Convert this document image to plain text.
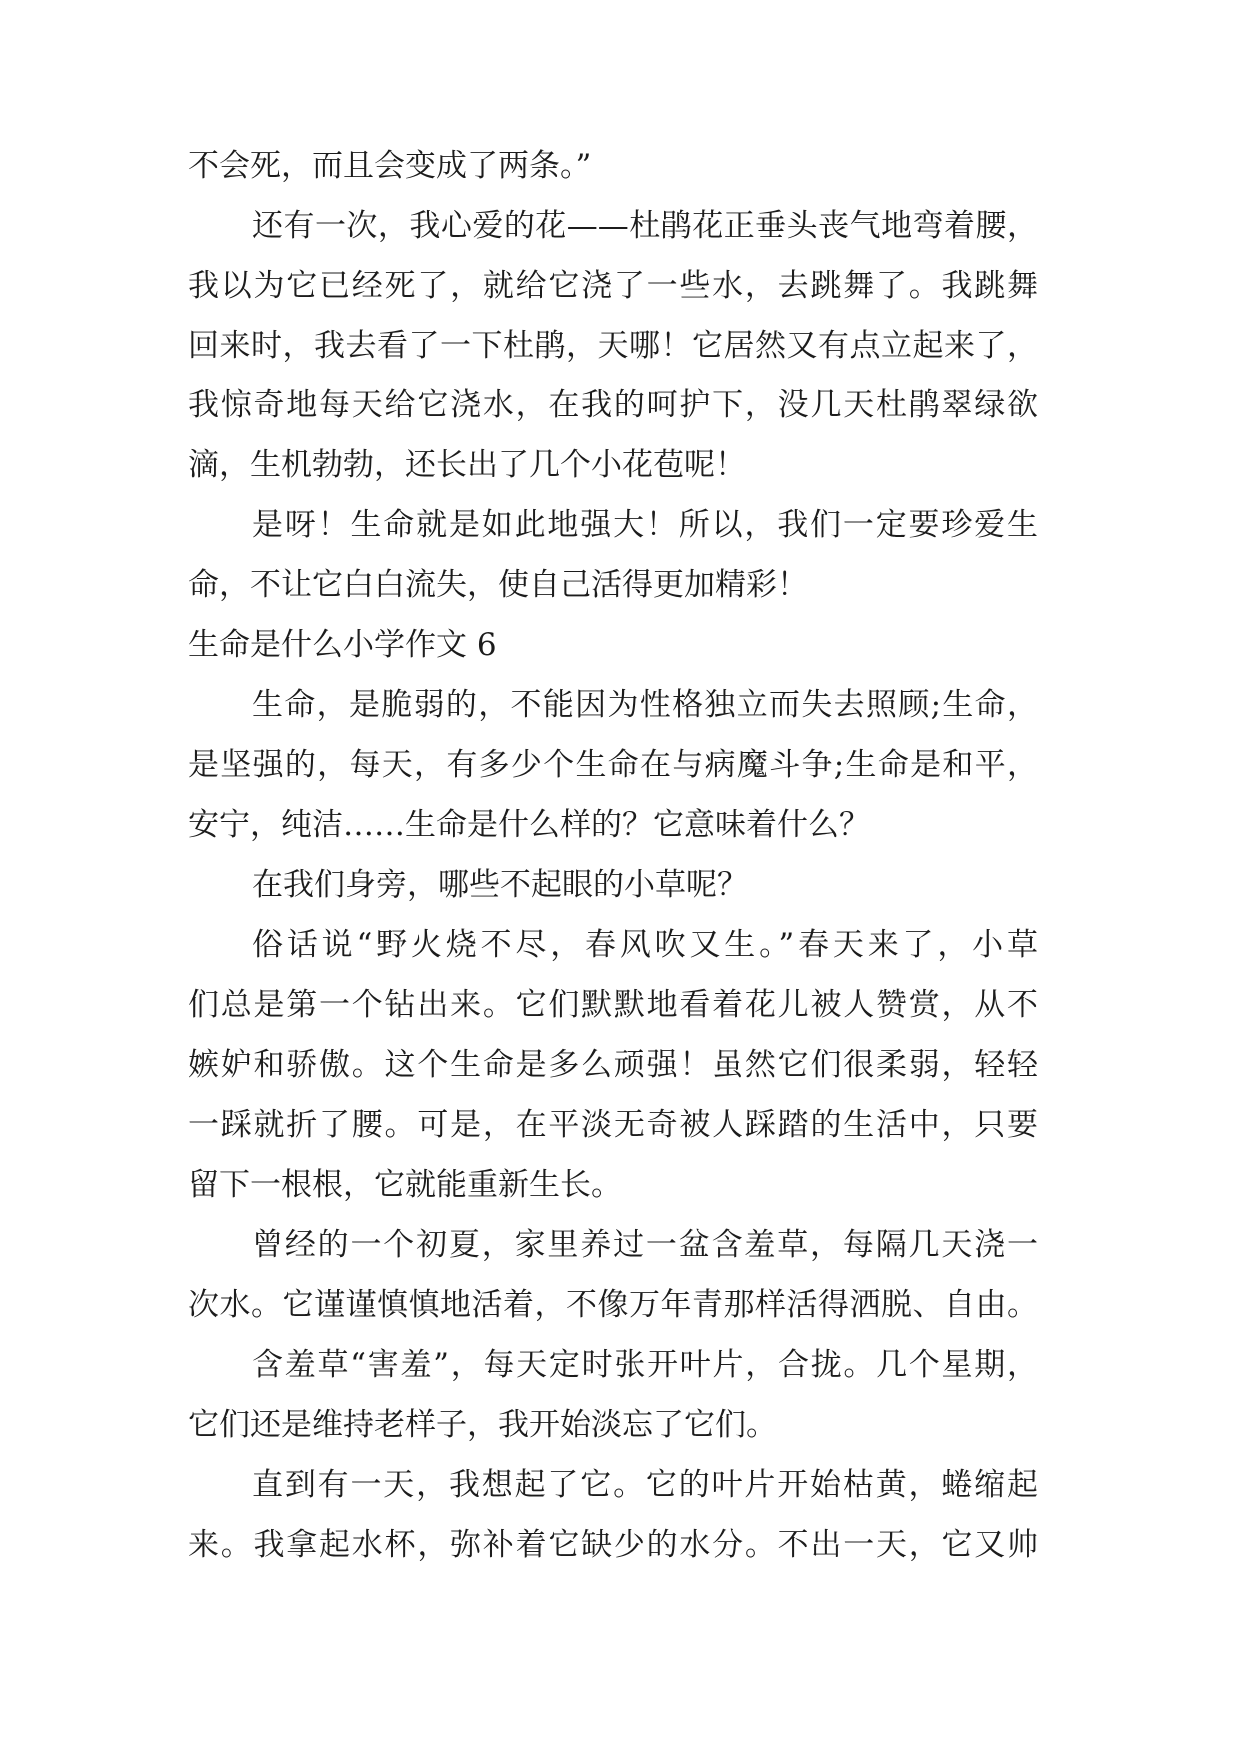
不会死，而且会变成了两条。”
还有一次，我心爱的花——杜鹃花正垂头丧气地弯着腰，
我以为它已经死了，就给它浇了一些水，去跳舞了。我跳舞
回来时，我去看了一下杜鹃，天哪！它居然又有点立起来了，
我惊奇地每天给它浇水，在我的呵护下，没几天杜鹃翠绿欲
滴，生机勃勃，还长出了几个小花苞呢！
是呀！生命就是如此地强大！所以，我们一定要珍爱生
命，不让它白白流失，使自己活得更加精彩！
生命是什么小学作文 6
生命，是脆弱的，不能因为性格独立而失去照顾;生命，
是坚强的，每天，有多少个生命在与病魔斗争;生命是和平，
安宁，纯洁……生命是什么样的？它意味着什么？
在我们身旁，哪些不起眼的小草呢？
俗话说“野火烧不尽，春风吹又生。”春天来了，小草
们总是第一个钻出来。它们默默地看着花儿被人赞赏，从不
嫉妒和骄傲。这个生命是多么顽强！虽然它们很柔弱，轻轻
一踩就折了腰。可是，在平淡无奇被人踩踏的生活中，只要
留下一根根，它就能重新生长。
曾经的一个初夏，家里养过一盆含羞草，每隔几天浇一
次水。它谨谨慎慎地活着，不像万年青那样活得洒脱、自由。
含羞草“害羞”，每天定时张开叶片，合拢。几个星期，
它们还是维持老样子，我开始淡忘了它们。
直到有一天，我想起了它。它的叶片开始枯黄，蜷缩起
来。我拿起水杯，弥补着它缺少的水分。不出一天，它又帅
